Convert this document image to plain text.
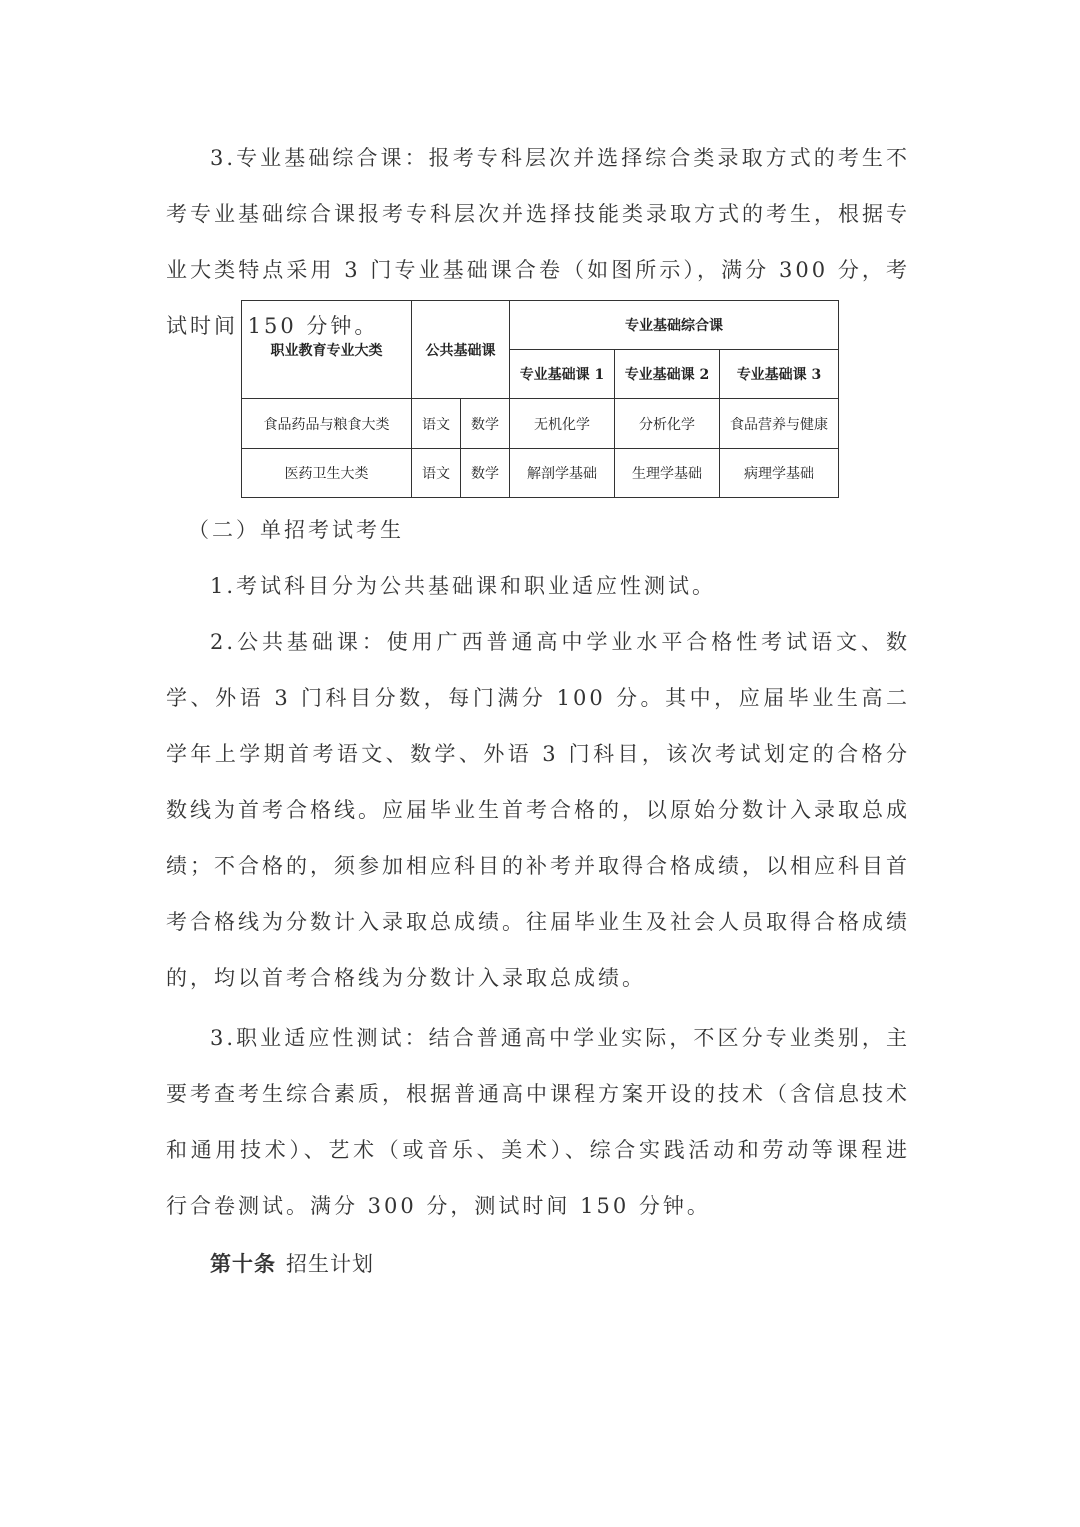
3.专业基础综合课：报考专科层次并选择综合类录取方式的考生不考专业基础综合课报考专科层次并选择技能类录取方式的考生，根据专业大类特点采用 3 门专业基础课合卷（如图所示），满分 300 分，考试时间 150 分钟。

职业教育专业大类	公共基础课		专业基础综合课		
			专业基础课 1	专业基础课 2	专业基础课 3
食品药品与粮食大类	语文	数学	无机化学	分析化学	食品营养与健康
医药卫生大类	语文	数学	解剖学基础	生理学基础	病理学基础

（二）单招考试考生

1.考试科目分为公共基础课和职业适应性测试。

2.公共基础课：使用广西普通高中学业水平合格性考试语文、数学、外语 3 门科目分数，每门满分 100 分。其中，应届毕业生高二学年上学期首考语文、数学、外语 3 门科目，该次考试划定的合格分数线为首考合格线。应届毕业生首考合格的，以原始分数计入录取总成绩；不合格的，须参加相应科目的补考并取得合格成绩，以相应科目首考合格线为分数计入录取总成绩。往届毕业生及社会人员取得合格成绩的，均以首考合格线为分数计入录取总成绩。

3.职业适应性测试：结合普通高中学业实际，不区分专业类别，主要考查考生综合素质，根据普通高中课程方案开设的技术（含信息技术和通用技术）、艺术（或音乐、美术）、综合实践活动和劳动等课程进行合卷测试。满分 300 分，测试时间 150 分钟。

第十条 招生计划
